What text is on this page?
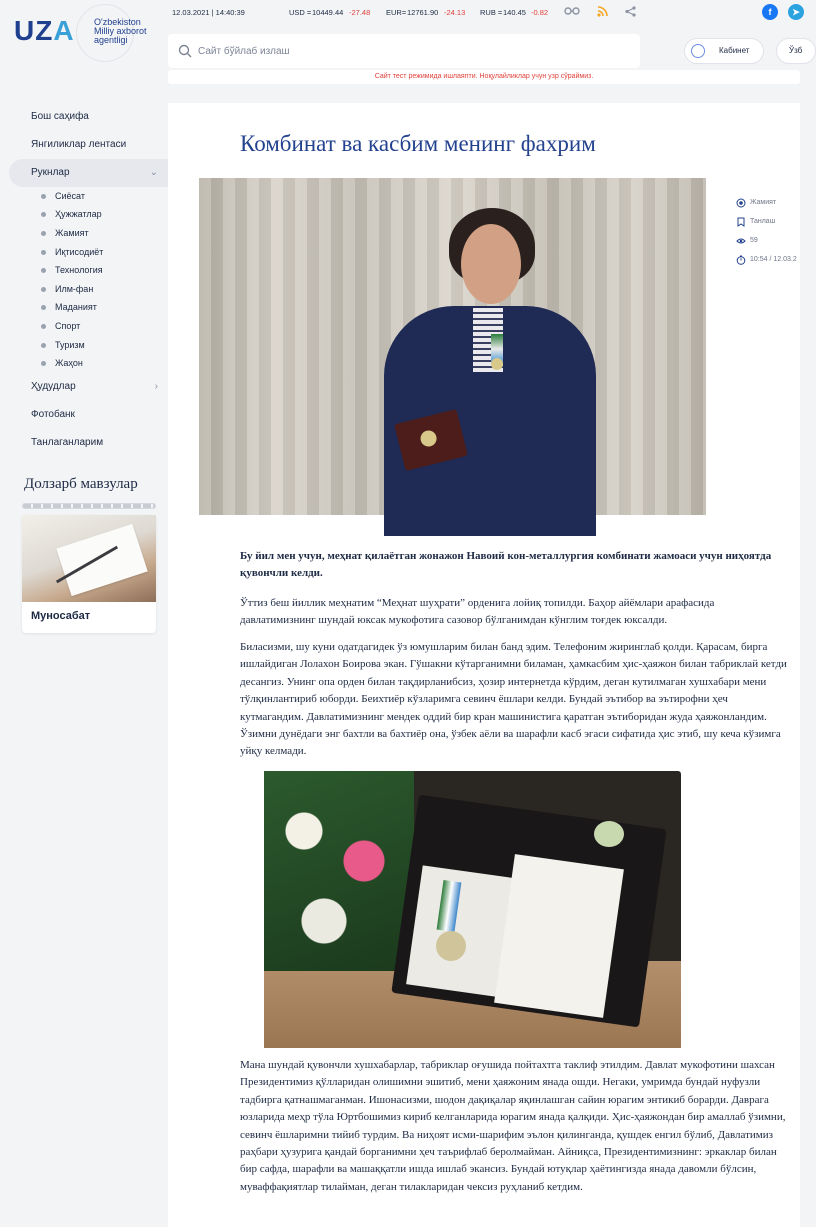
UZA O'zbekiston
Milliy axborot
agentligi
Бош саҳифа
Янгиликлар лентаси
Рукнлар	⌄
Сиёсат
Ҳужжатлар
Жамият
Иқтисодиёт
Технология
Илм-фан
Маданият
Спорт
Туризм
Жаҳон
Ҳудудлар	›
Фотобанк
Танлаганларим
Долзарб мавзулар
Муносабат
12.03.2021 | 14:40:39	USD = 10449.44 -27.48 EUR= 12761.90 -24.13 RUB = 140.45 -0.82	f	➤
Сайт бўйлаб излаш
Кабинет	Ўзб
Сайт тест режимида ишлаяпти. Ноқулайликлар учун узр сўраймиз.
Комбинат ва касбим менинг фахрим
Жамият
Танлаш
59
10:54 / 12.03.2

Бу йил мен учун, меҳнат қилаётган жонажон Навоий кон-металлургия комбинати жамоаси учун ниҳоятда қувончли келди.

Ўттиз беш йиллик меҳнатим “Меҳнат шуҳрати” орденига лойиқ топилди. Баҳор айёмлари арафасида давлатимизнинг шундай юксак мукофотига сазовор бўлганимдан кўнглим тоғдек юксалди.

Биласизми, шу куни одатдагидек ўз юмушларим билан банд эдим. Телефоним жиринглаб қолди. Қарасам, бирга ишлайдиган Лолахон Боирова экан. Гўшакни кўтарганимни биламан, ҳамкасбим ҳис-ҳаяжон билан табриклай кетди десангиз. Унинг опа орден билан тақдирланибсиз, ҳозир интернетда кўрдим, деган кутилмаган хушхабари мени тўлқинлантириб юборди. Беихтиёр кўзларимга севинч ёшлари келди. Бундай эътибор ва эътирофни ҳеч кутмагандим. Давлатимизнинг мендек оддий бир кран машинистига қаратган эътиборидан жуда ҳаяжонландим. Ўзимни дунёдаги энг бахтли ва бахтиёр она, ўзбек аёли ва шарафли касб эгаси сифатида ҳис этиб, шу кеча кўзимга уйқу келмади.

Мана шундай қувончли хушхабарлар, табриклар оғушида пойтахтга таклиф этилдим. Давлат мукофотини шахсан Президентимиз қўлларидан олишимни эшитиб, мени ҳаяжоним янада ошди. Негаки, умримда бундай нуфузли тадбирга қатнашмаганман. Ишонасизми, шодон дақиқалар яқинлашган сайин юрагим энтикиб борарди. Даврага юзларида меҳр тўла Юртбошимиз кириб келганларида юрагим янада қалқиди. Ҳис-ҳаяжондан бир амаллаб ўзимни, севинч ёшларимни тийиб турдим. Ва ниҳоят исми-шарифим эълон қилинганда, қушдек енгил бўлиб, Давлатимиз раҳбари ҳузурига қандай борганимни ҳеч таърифлаб беролмайман. Айниқса, Президентимизнинг: эркаклар билан бир сафда, шарафли ва машаққатли ишда ишлаб экансиз. Бундай ютуқлар ҳаётингизда янада давомли бўлсин, муваффақиятлар тилайман, деган тилакларидан чексиз руҳланиб кетдим.
